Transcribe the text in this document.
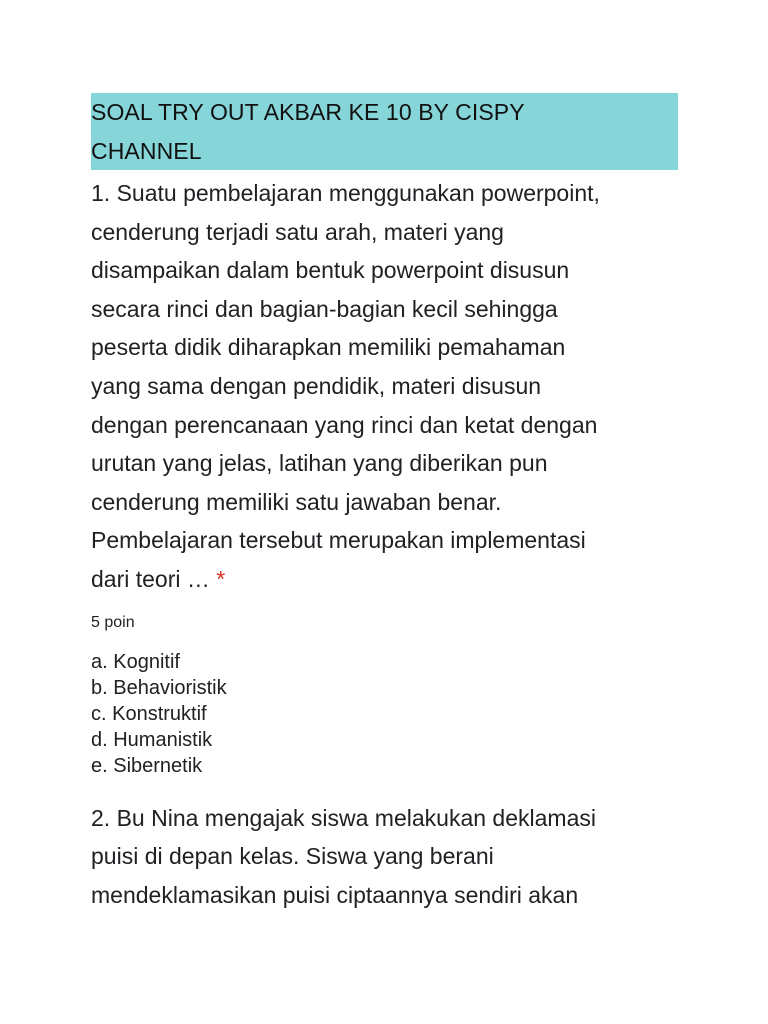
SOAL TRY OUT AKBAR KE 10 BY CISPY
CHANNEL
1. Suatu pembelajaran menggunakan powerpoint,
cenderung terjadi satu arah, materi yang
disampaikan dalam bentuk powerpoint disusun
secara rinci dan bagian-bagian kecil sehingga
peserta didik diharapkan memiliki pemahaman
yang sama dengan pendidik, materi disusun
dengan perencanaan yang rinci dan ketat dengan
urutan yang jelas, latihan yang diberikan pun
cenderung memiliki satu jawaban benar.
Pembelajaran tersebut merupakan implementasi
dari teori … *
5 poin
a. Kognitif
b. Behavioristik
c. Konstruktif
d. Humanistik
e. Sibernetik
2. Bu Nina mengajak siswa melakukan deklamasi
puisi di depan kelas. Siswa yang berani
mendeklamasikan puisi ciptaannya sendiri akan
